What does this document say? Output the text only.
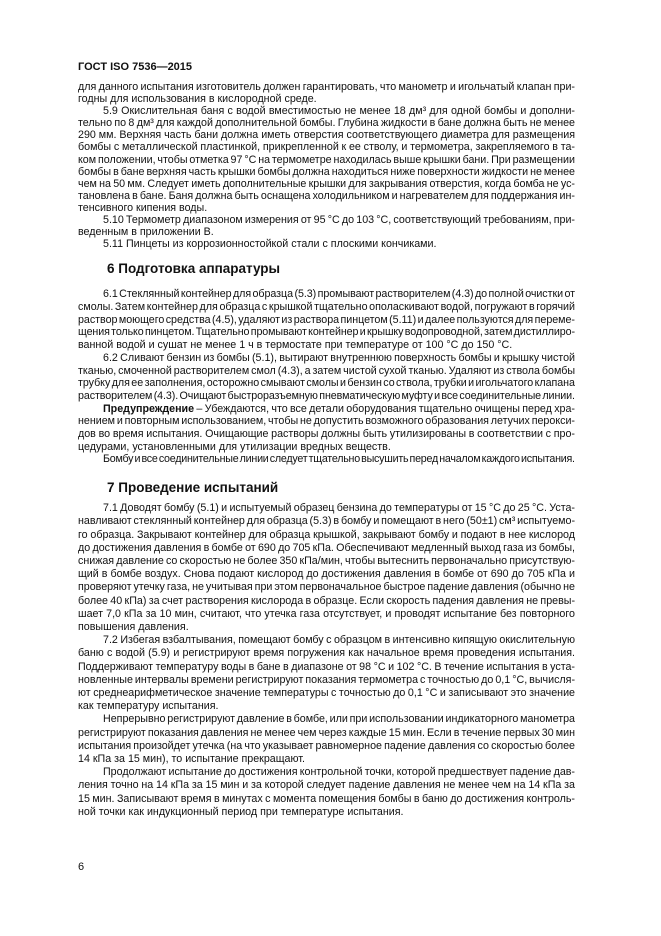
ГОСТ ISO 7536—2015
для данного испытания изготовитель должен гарантировать, что манометр и игольчатый клапан при-
годны для использования в кислородной среде.
5.9 Окислительная баня с водой вместимостью не менее 18 дм³ для одной бомбы и дополни-
тельно по 8 дм³ для каждой дополнительной бомбы. Глубина жидкости в бане должна быть не менее
290 мм. Верхняя часть бани должна иметь отверстия соответствующего диаметра для размещения
бомбы с металлической пластинкой, прикрепленной к ее стволу, и термометра, закрепляемого в та-
ком положении, чтобы отметка 97 °С на термометре находилась выше крышки бани. При размещении
бомбы в бане верхняя часть крышки бомбы должна находиться ниже поверхности жидкости не менее
чем на 50 мм. Следует иметь дополнительные крышки для закрывания отверстия, когда бомба не ус-
тановлена в бане. Баня должна быть оснащена холодильником и нагревателем для поддержания ин-
тенсивного кипения воды.
5.10 Термометр диапазоном измерения от 95 °С до 103 °С, соответствующий требованиям, при-
веденным в приложении В.
5.11 Пинцеты из коррозионностойкой стали с плоскими кончиками.
6 Подготовка аппаратуры
6.1 Стеклянный контейнер для образца (5.3) промывают растворителем (4.3) до полной очистки от
смолы. Затем контейнер для образца с крышкой тщательно ополаскивают водой, погружают в горячий
раствор моющего средства (4.5), удаляют из раствора пинцетом (5.11) и далее пользуются для переме-
щения только пинцетом. Тщательно промывают контейнер и крышку водопроводной, затем дистиллиро-
ванной водой и сушат не менее 1 ч в термостате при температуре от 100 °С до 150 °С.
6.2 Сливают бензин из бомбы (5.1), вытирают внутреннюю поверхность бомбы и крышку чистой
тканью, смоченной растворителем смол (4.3), а затем чистой сухой тканью. Удаляют из ствола бомбы
трубку для ее заполнения, осторожно смывают смолы и бензин со ствола, трубки и игольчатого клапана
растворителем (4.3). Очищают быстроразъемную пневматическую муфту и все соединительные линии.
Предупреждение – Убеждаются, что все детали оборудования тщательно очищены перед хра-
нением и повторным использованием, чтобы не допустить возможного образования летучих перокси-
дов во время испытания. Очищающие растворы должны быть утилизированы в соответствии с про-
цедурами, установленными для утилизации вредных веществ.
Бомбу и все соединительные линии следует тщательно высушить перед началом каждого испытания.
7 Проведение испытаний
7.1 Доводят бомбу (5.1) и испытуемый образец бензина до температуры от 15 °С до 25 °С. Уста-
навливают стеклянный контейнер для образца (5.3) в бомбу и помещают в него (50±1) см³ испытуемо-
го образца. Закрывают контейнер для образца крышкой, закрывают бомбу и подают в нее кислород
до достижения давления в бомбе от 690 до 705 кПа. Обеспечивают медленный выход газа из бомбы,
снижая давление со скоростью не более 350 кПа/мин, чтобы вытеснить первоначально присутствую-
щий в бомбе воздух. Снова подают кислород до достижения давления в бомбе от 690 до 705 кПа и
проверяют утечку газа, не учитывая при этом первоначальное быстрое падение давления (обычно не
более 40 кПа) за счет растворения кислорода в образце. Если скорость падения давления не превы-
шает 7,0 кПа за 10 мин, считают, что утечка газа отсутствует, и проводят испытание без повторного
повышения давления.
7.2 Избегая взбалтывания, помещают бомбу с образцом в интенсивно кипящую окислительную
баню с водой (5.9) и регистрируют время погружения как начальное время проведения испытания.
Поддерживают температуру воды в бане в диапазоне от 98 °С и 102 °С. В течение испытания в уста-
новленные интервалы времени регистрируют показания термометра с точностью до 0,1 °С, вычисля-
ют среднеарифметическое значение температуры с точностью до 0,1 °С и записывают это значение
как температуру испытания.
Непрерывно регистрируют давление в бомбе, или при использовании индикаторного манометра
регистрируют показания давления не менее чем через каждые 15 мин. Если в течение первых 30 мин
испытания произойдет утечка (на что указывает равномерное падение давления со скоростью более
14 кПа за 15 мин), то испытание прекращают.
Продолжают испытание до достижения контрольной точки, которой предшествует падение дав-
ления точно на 14 кПа за 15 мин и за которой следует падение давления не менее чем на 14 кПа за
15 мин. Записывают время в минутах с момента помещения бомбы в баню до достижения контроль-
ной точки как индукционный период при температуре испытания.
6
